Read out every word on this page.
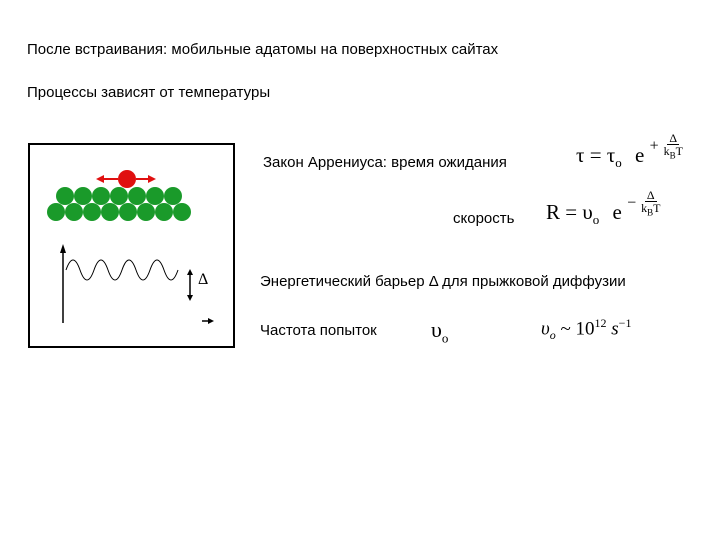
После встраивания: мобильные адатомы на поверхностных сайтах
Процессы зависят от температуры
Δ
Закон Аррениуса: время ожидания	$\tau = \tau_o$ e $^{+ \frac{\Delta}{k_BT}}$
скорость $R = \upsilon_o$ e $^{- \frac{\Delta}{k_BT}}$
Энергетический барьер Δ для прыжковой диффузии
Частота попыток $\upsilon_o$	$\upsilon_o$ ~ $10^{12}$ $s^{-1}$
